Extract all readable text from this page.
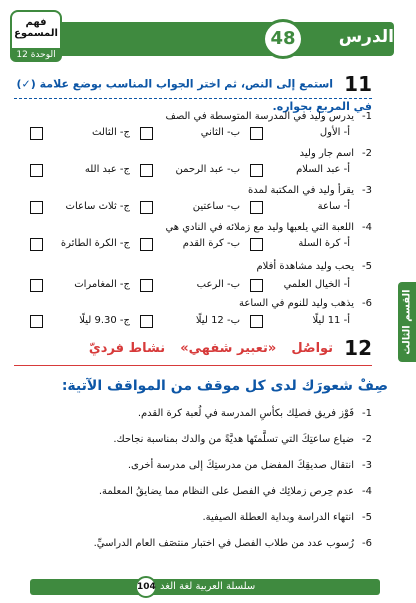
الدرس
48
فهم المسموع
الوحدة 12
القسم الثالث
11 استمع إلى النص، ثم اختر الجواب المناسب بوضع علامة (✓) في المربع بجواره.
1-
يدرس وليد في المدرسة المتوسطة في الصف
أ- الأول
ب- الثاني
ج- الثالث
2-
اسم جار وليد
أ- عبد السلام
ب- عبد الرحمن
ج- عبد الله
3-
يقرأ وليد في المكتبة لمدة
أ- ساعة
ب- ساعتين
ج- ثلاث ساعات
4-
اللعبة التي يلعبها وليد مع زملائه في النادي هي
أ- كرة السلة
ب- كرة القدم
ج- الكرة الطائرة
5-
يحب وليد مشاهدة أفلام
أ- الخيال العلمي
ب- الرعب
ج- المغامرات
6-
يذهب وليد للنوم في الساعة
أ- 11 ليلًا
ب- 12 ليلًا
ج- 9.30 ليلًا
12 تواصُل «تعبير شفهي» نشاط فرديّ
صِفْ شعورَك لدى كل موقف من المواقف الآتية:
1-
فَوْز فريق فصلِك بكأسِ المدرسة في لُعبة كرة القدم.
2-
ضياع ساعتِكَ التي تسلَّمتَها هديَّةً من والدك بمناسبة نجاحك.
3-
انتقال صديقِكَ المفضل من مدرستِكَ إلى مدرسة أخرى.
4-
عدم حِرص زملائِك في الفصل على النظام مما يضايقُ المعلمة.
5-
انتهاء الدراسة وبداية العطلة الصيفية.
6-
رُسوب عدد من طلاب الفصل في اختبار منتصَف العام الدراسيِّ.
سلسلة العربية لغة الغد
104
